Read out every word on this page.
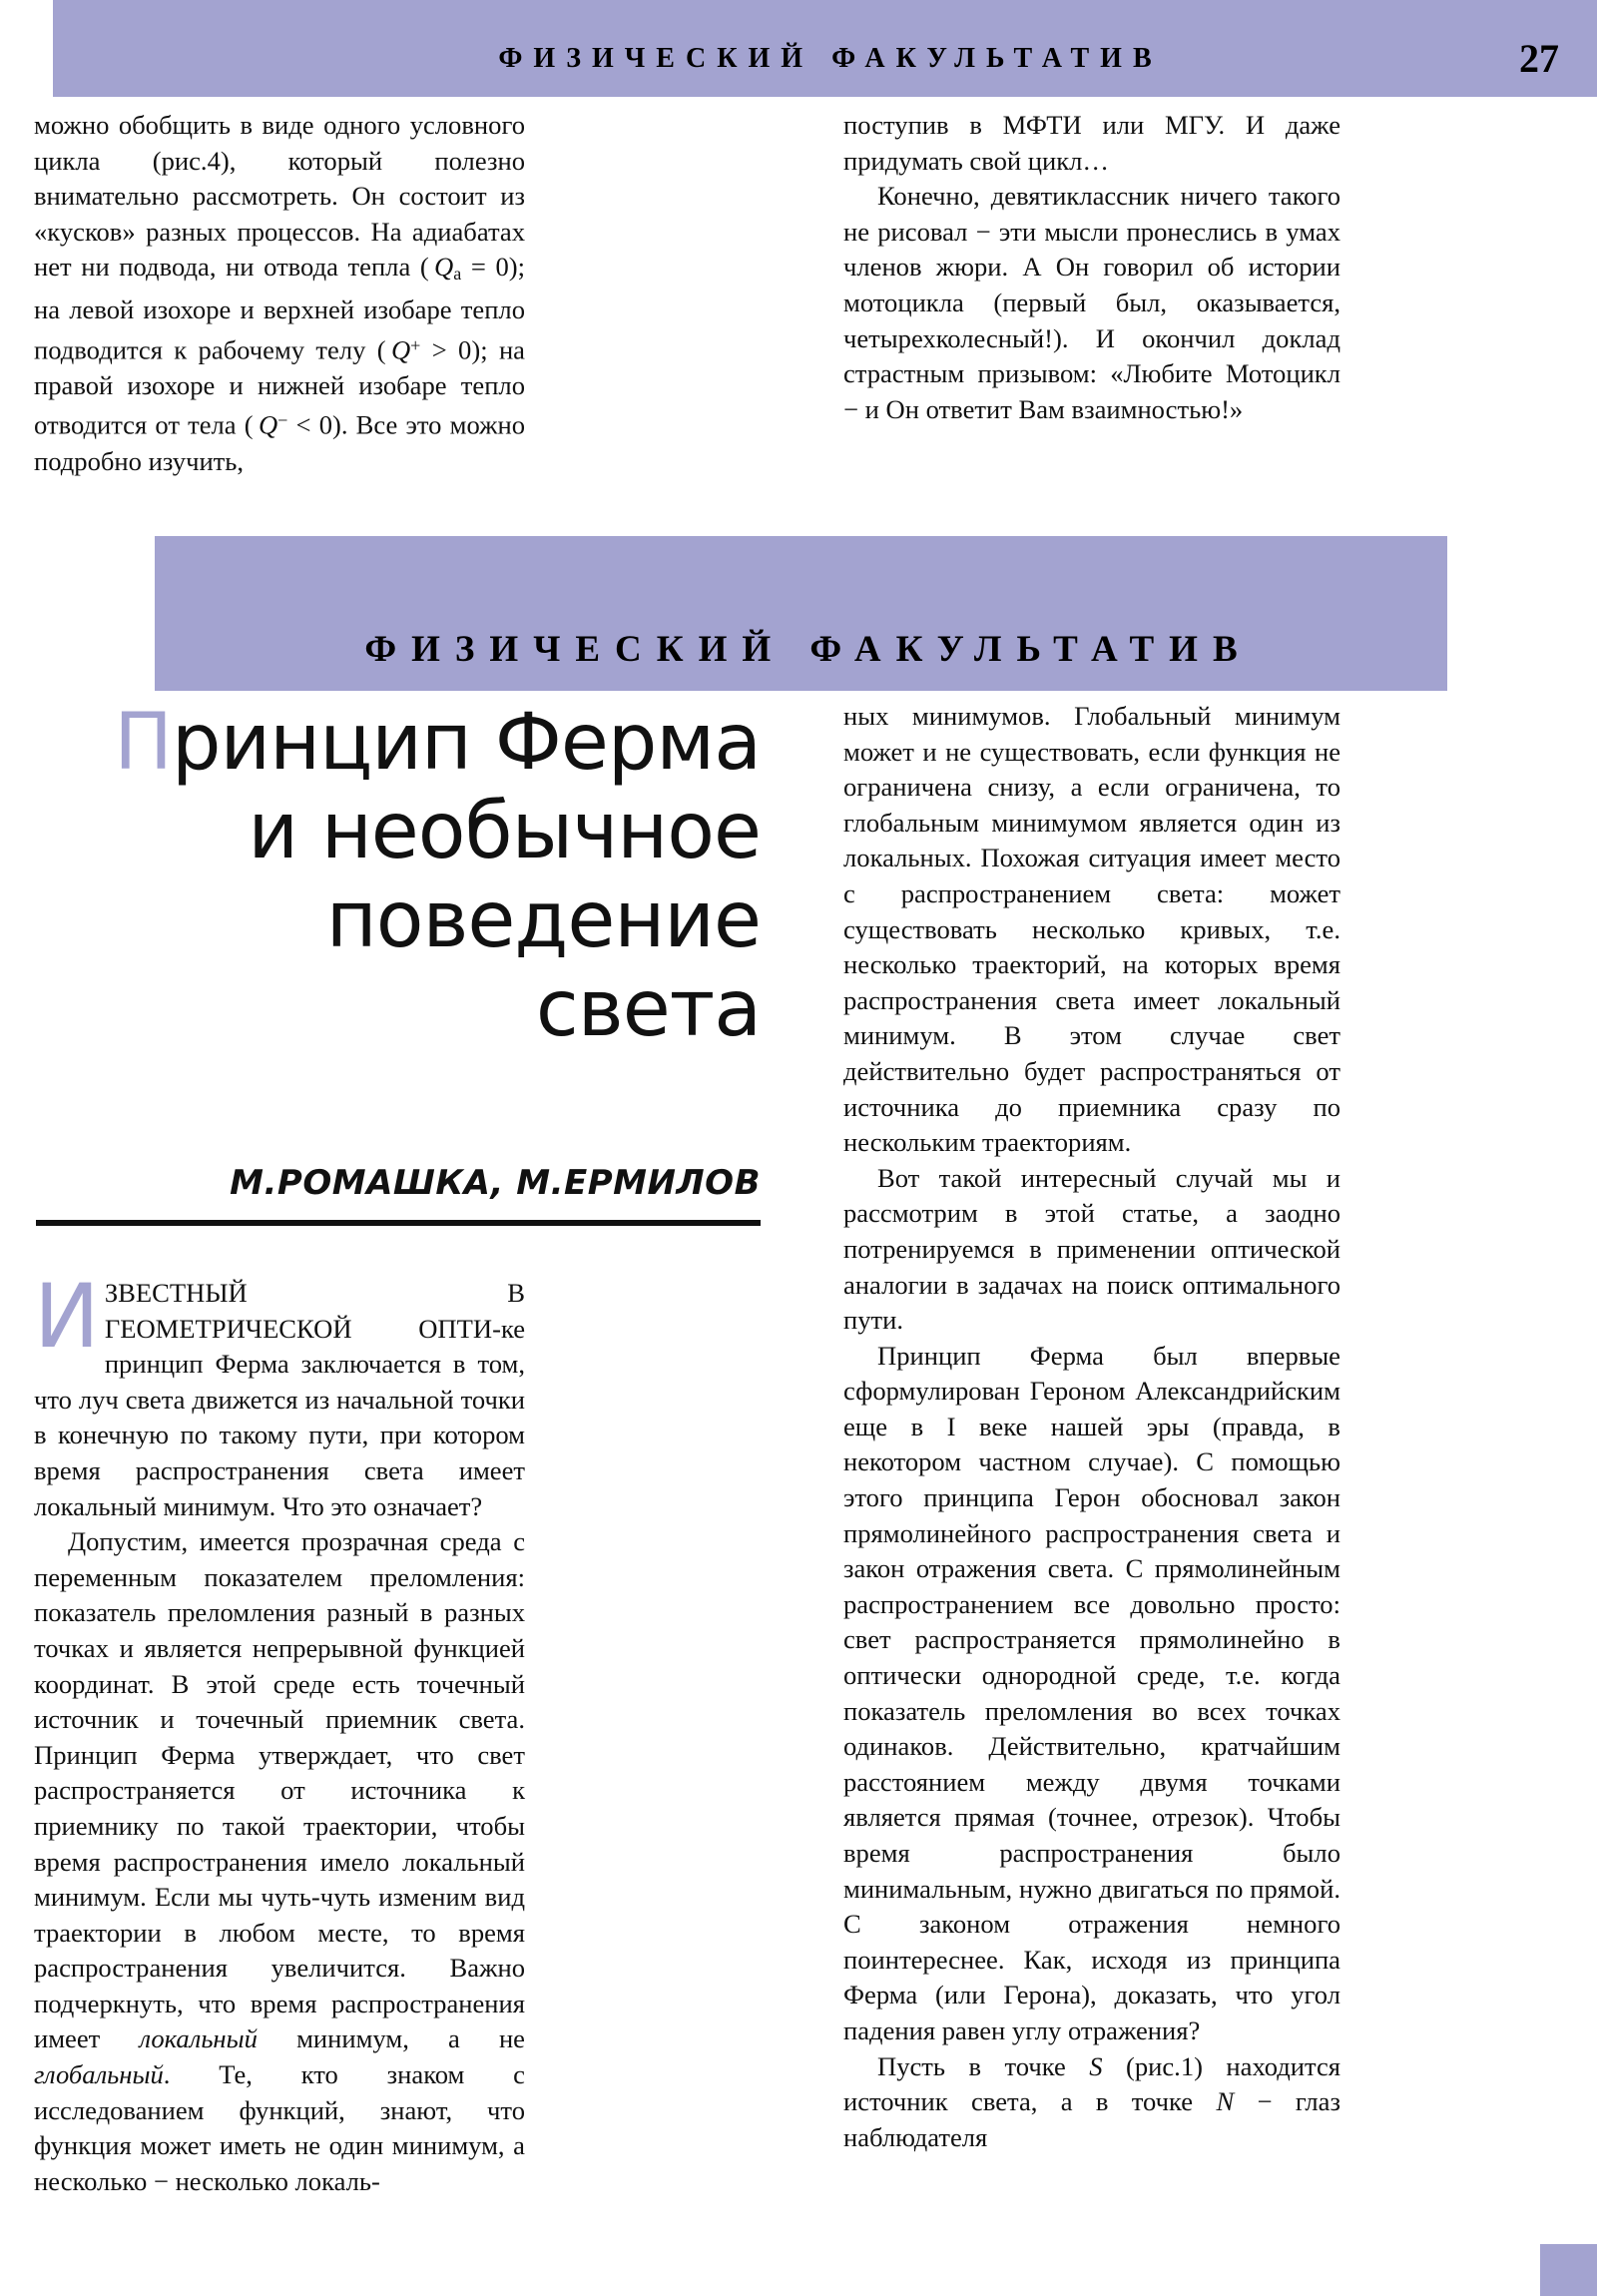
ФИЗИЧЕСКИЙ ФАКУЛЬТАТИВ	27

можно обобщить в виде одного условного цикла (рис.4), который полезно внимательно рассмотреть. Он состоит из «кусков» разных процессов. На адиабатах нет ни подвода, ни отвода тепла ( $Q_a = 0$); на левой изохоре и верхней изобаре тепло подводится к рабочему телу ( Q+ > 0); на правой изохоре и нижней изобаре тепло отводится от тела ( Q− < 0). Все это можно подробно изучить,

поступив в МФТИ или МГУ. И даже придумать свой цикл…

Конечно, девятиклассник ничего такого не рисовал − эти мысли пронеслись в умах членов жюри. А Он говорил об истории мотоцикла (первый был, оказывается, четырехколесный!). И окончил доклад страстным призывом: «Любите Мотоцикл − и Он ответит Вам взаимностью!»

ФИЗИЧЕСКИЙ ФАКУЛЬТАТИВ
Принцип Ферма
и необычное
поведение
света
М.РОМАШКА, М.ЕРМИЛОВ

ИЗВЕСТНЫЙ В ГЕОМЕТРИЧЕСКОЙ ОПТИ-ке принцип Ферма заключается в том, что луч света движется из начальной точки в конечную по такому пути, при котором время распространения света имеет локальный минимум. Что это означает?

Допустим, имеется прозрачная среда с переменным показателем преломления: показатель преломления разный в разных точках и является непрерывной функцией координат. В этой среде есть точечный источник и точечный приемник света. Принцип Ферма утверждает, что свет распространяется от источника к приемнику по такой траектории, чтобы время распространения имело локальный минимум. Если мы чуть-чуть изменим вид траектории в любом месте, то время распространения увеличится. Важно подчеркнуть, что время распространения имеет локальный минимум, а не глобальный. Те, кто знаком с исследованием функций, знают, что функция может иметь не один минимум, а несколько − несколько локаль-

ных минимумов. Глобальный минимум может и не существовать, если функция не ограничена снизу, а если ограничена, то глобальным минимумом является один из локальных. Похожая ситуация имеет место с распространением света: может существовать несколько кривых, т.е. несколько траекторий, на которых время распространения света имеет локальный минимум. В этом случае свет действительно будет распространяться от источника до приемника сразу по нескольким траекториям.

Вот такой интересный случай мы и рассмотрим в этой статье, а заодно потренируемся в применении оптической аналогии в задачах на поиск оптимального пути.

Принцип Ферма был впервые сформулирован Героном Александрийским еще в I веке нашей эры (правда, в некотором частном случае). С помощью этого принципа Герон обосновал закон прямолинейного распространения света и закон отражения света. С прямолинейным распространением все довольно просто: свет распространяется прямолинейно в оптически однородной среде, т.е. когда показатель преломления во всех точках одинаков. Действительно, кратчайшим расстоянием между двумя точками является прямая (точнее, отрезок). Чтобы время распространения было минимальным, нужно двигаться по прямой. С законом отражения немного поинтереснее. Как, исходя из принципа Ферма (или Герона), доказать, что угол падения равен углу отражения?

Пусть в точке S (рис.1) находится источник света, а в точке N − глаз наблюдателя
